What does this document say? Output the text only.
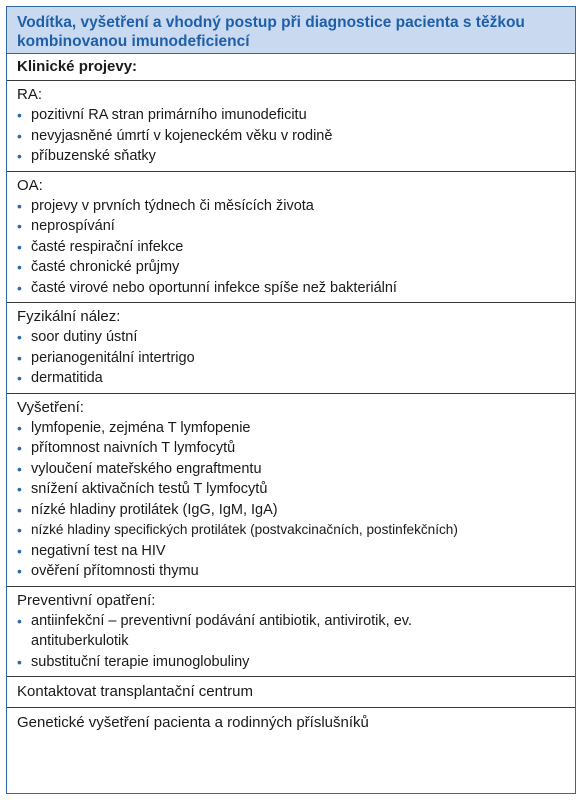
Vodítka, vyšetření a vhodný postup při diagnostice pacienta s těžkou kombinovanou imunodeficiencí
Klinické projevy:
RA:
• pozitivní RA stran primárního imunodeficitu
• nevyjasněné úmrtí v kojeneckém věku v rodině
• příbuzenské sňatky
OA:
• projevy v prvních týdnech či měsících života
• neprospívání
• časté respirační infekce
• časté chronické průjmy
• časté virové nebo oportunní infekce spíše než bakteriální
Fyzikální nález:
• soor dutiny ústní
• perianogenitální intertrigo
• dermatitida
Vyšetření:
• lymfopenie, zejména T lymfopenie
• přítomnost naivních T lymfocytů
• vyloučení mateřského engraftmentu
• snížení aktivačních testů T lymfocytů
• nízké hladiny protilátek (IgG, IgM, IgA)
• nízké hladiny specifických protilátek (postvakcinačních, postinfekčních)
• negativní test na HIV
• ověření přítomnosti thymu
Preventivní opatření:
• antiinfekční – preventivní podávání antibiotik, antivirotik, ev. antituberkulotik
• substituční terapie imunoglobuliny
Kontaktovat transplantační centrum
Genetické vyšetření pacienta a rodinných příslušníků
